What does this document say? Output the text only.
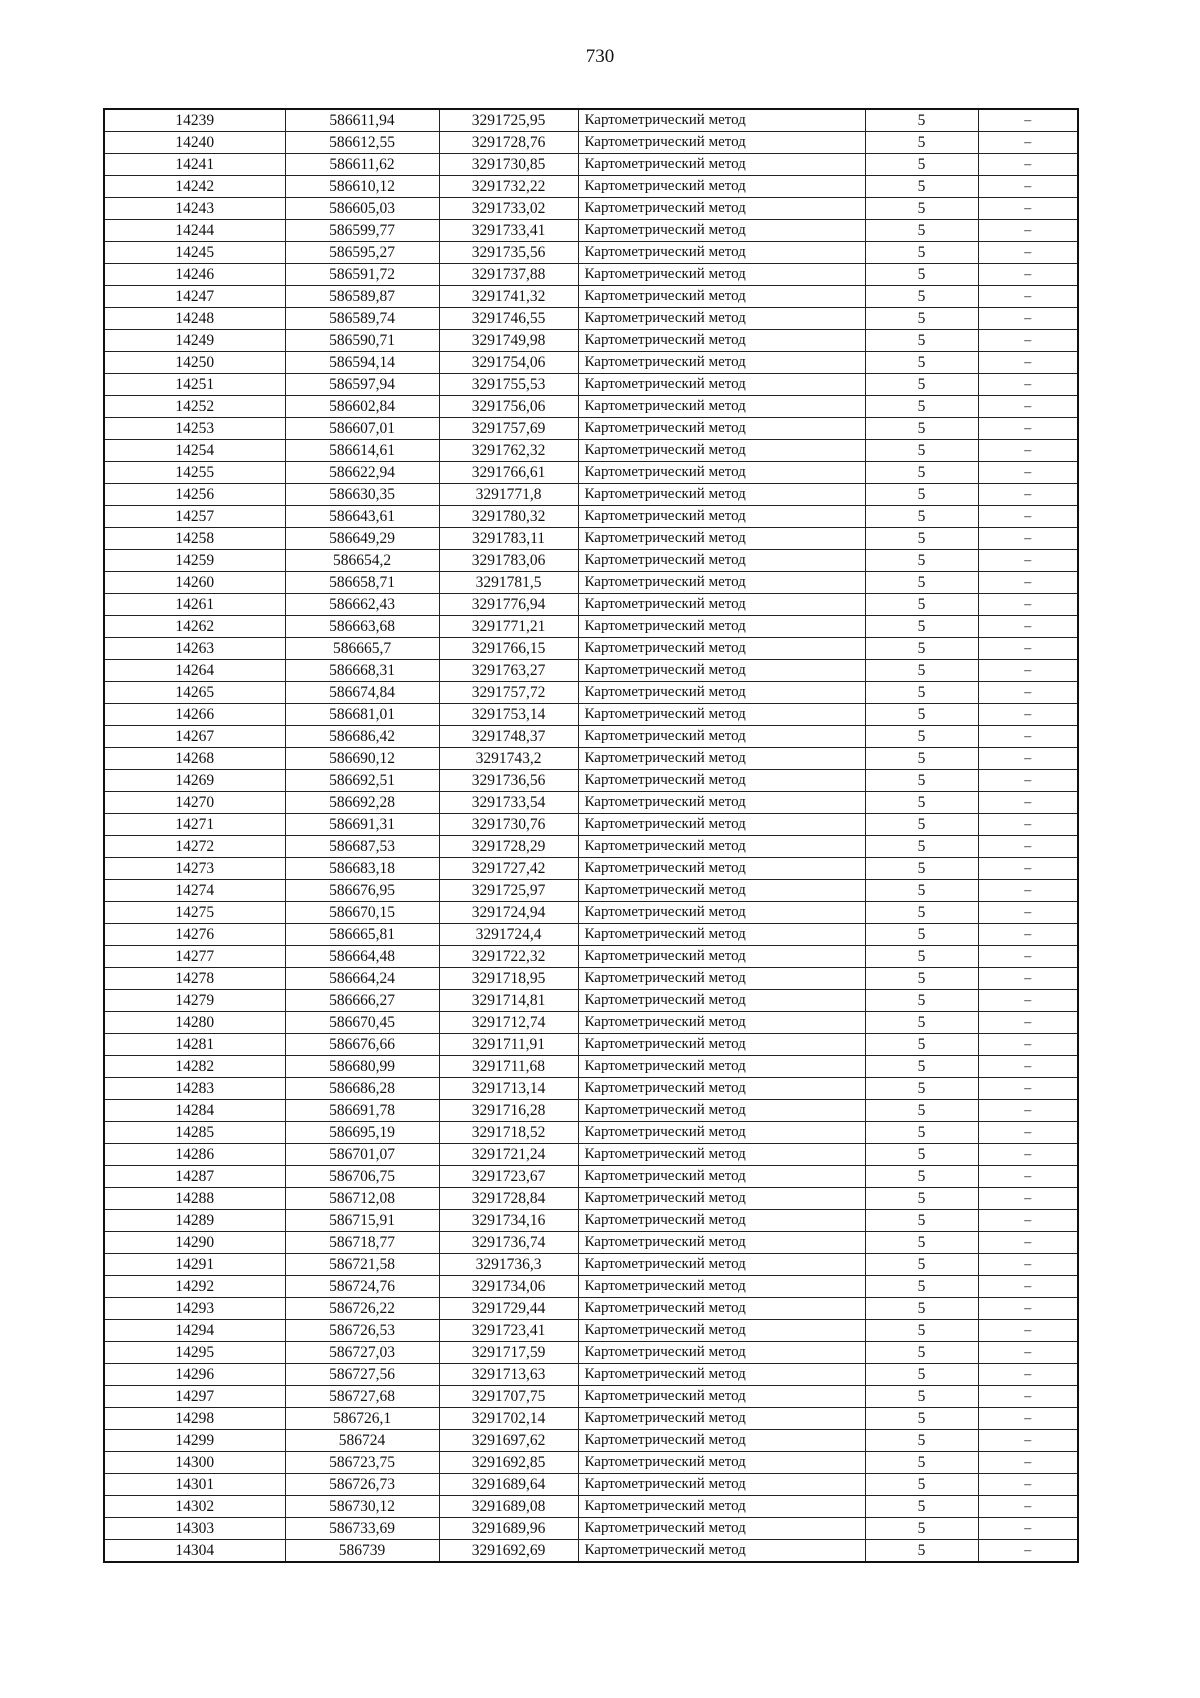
730
14239	586611,94	3291725,95	Картометрический метод	5	–
14240	586612,55	3291728,76	Картометрический метод	5	–
14241	586611,62	3291730,85	Картометрический метод	5	–
14242	586610,12	3291732,22	Картометрический метод	5	–
14243	586605,03	3291733,02	Картометрический метод	5	–
14244	586599,77	3291733,41	Картометрический метод	5	–
14245	586595,27	3291735,56	Картометрический метод	5	–
14246	586591,72	3291737,88	Картометрический метод	5	–
14247	586589,87	3291741,32	Картометрический метод	5	–
14248	586589,74	3291746,55	Картометрический метод	5	–
14249	586590,71	3291749,98	Картометрический метод	5	–
14250	586594,14	3291754,06	Картометрический метод	5	–
14251	586597,94	3291755,53	Картометрический метод	5	–
14252	586602,84	3291756,06	Картометрический метод	5	–
14253	586607,01	3291757,69	Картометрический метод	5	–
14254	586614,61	3291762,32	Картометрический метод	5	–
14255	586622,94	3291766,61	Картометрический метод	5	–
14256	586630,35	3291771,8	Картометрический метод	5	–
14257	586643,61	3291780,32	Картометрический метод	5	–
14258	586649,29	3291783,11	Картометрический метод	5	–
14259	586654,2	3291783,06	Картометрический метод	5	–
14260	586658,71	3291781,5	Картометрический метод	5	–
14261	586662,43	3291776,94	Картометрический метод	5	–
14262	586663,68	3291771,21	Картометрический метод	5	–
14263	586665,7	3291766,15	Картометрический метод	5	–
14264	586668,31	3291763,27	Картометрический метод	5	–
14265	586674,84	3291757,72	Картометрический метод	5	–
14266	586681,01	3291753,14	Картометрический метод	5	–
14267	586686,42	3291748,37	Картометрический метод	5	–
14268	586690,12	3291743,2	Картометрический метод	5	–
14269	586692,51	3291736,56	Картометрический метод	5	–
14270	586692,28	3291733,54	Картометрический метод	5	–
14271	586691,31	3291730,76	Картометрический метод	5	–
14272	586687,53	3291728,29	Картометрический метод	5	–
14273	586683,18	3291727,42	Картометрический метод	5	–
14274	586676,95	3291725,97	Картометрический метод	5	–
14275	586670,15	3291724,94	Картометрический метод	5	–
14276	586665,81	3291724,4	Картометрический метод	5	–
14277	586664,48	3291722,32	Картометрический метод	5	–
14278	586664,24	3291718,95	Картометрический метод	5	–
14279	586666,27	3291714,81	Картометрический метод	5	–
14280	586670,45	3291712,74	Картометрический метод	5	–
14281	586676,66	3291711,91	Картометрический метод	5	–
14282	586680,99	3291711,68	Картометрический метод	5	–
14283	586686,28	3291713,14	Картометрический метод	5	–
14284	586691,78	3291716,28	Картометрический метод	5	–
14285	586695,19	3291718,52	Картометрический метод	5	–
14286	586701,07	3291721,24	Картометрический метод	5	–
14287	586706,75	3291723,67	Картометрический метод	5	–
14288	586712,08	3291728,84	Картометрический метод	5	–
14289	586715,91	3291734,16	Картометрический метод	5	–
14290	586718,77	3291736,74	Картометрический метод	5	–
14291	586721,58	3291736,3	Картометрический метод	5	–
14292	586724,76	3291734,06	Картометрический метод	5	–
14293	586726,22	3291729,44	Картометрический метод	5	–
14294	586726,53	3291723,41	Картометрический метод	5	–
14295	586727,03	3291717,59	Картометрический метод	5	–
14296	586727,56	3291713,63	Картометрический метод	5	–
14297	586727,68	3291707,75	Картометрический метод	5	–
14298	586726,1	3291702,14	Картометрический метод	5	–
14299	586724	3291697,62	Картометрический метод	5	–
14300	586723,75	3291692,85	Картометрический метод	5	–
14301	586726,73	3291689,64	Картометрический метод	5	–
14302	586730,12	3291689,08	Картометрический метод	5	–
14303	586733,69	3291689,96	Картометрический метод	5	–
14304	586739	3291692,69	Картометрический метод	5	–
